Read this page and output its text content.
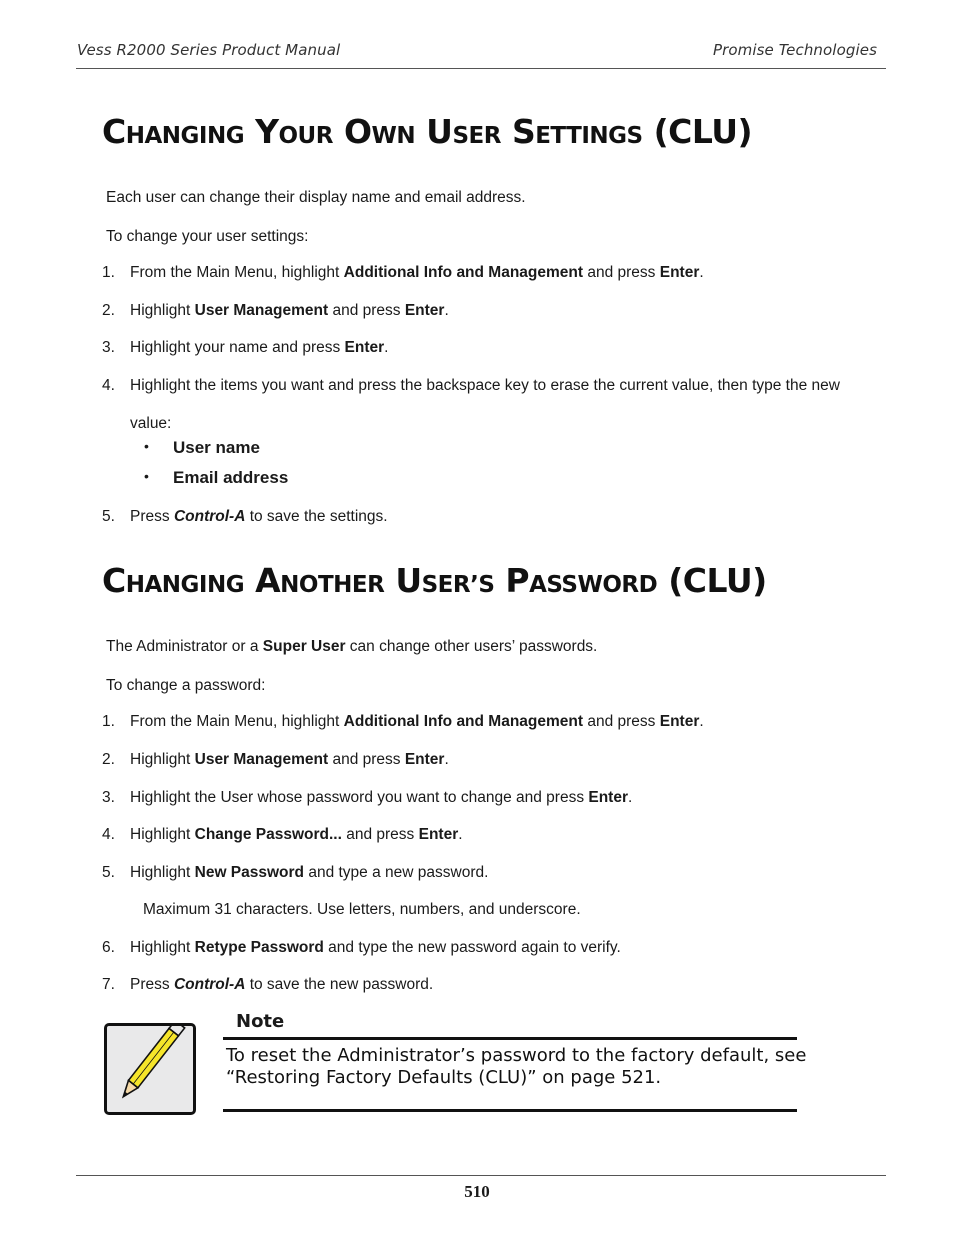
Vess R2000 Series Product Manual	Promise Technologies
CHANGING YOUR OWN USER SETTINGS (CLU)
Each user can change their display name and email address.
To change your user settings:
1. From the Main Menu, highlight Additional Info and Management and press Enter.
2. Highlight User Management and press Enter.
3. Highlight your name and press Enter.
4. Highlight the items you want and press the backspace key to erase the current value, then type the new
value:
• User name
• Email address
5. Press Control-A to save the settings.
CHANGING ANOTHER USER’S PASSWORD (CLU)
The Administrator or a Super User can change other users’ passwords.
To change a password:
1. From the Main Menu, highlight Additional Info and Management and press Enter.
2. Highlight User Management and press Enter.
3. Highlight the User whose password you want to change and press Enter.
4. Highlight Change Password... and press Enter.
5. Highlight New Password and type a new password.
Maximum 31 characters. Use letters, numbers, and underscore.
6. Highlight Retype Password and type the new password again to verify.
7. Press Control-A to save the new password.
Note
To reset the Administrator’s password to the factory default, see
“Restoring Factory Defaults (CLU)” on page 521.
510
